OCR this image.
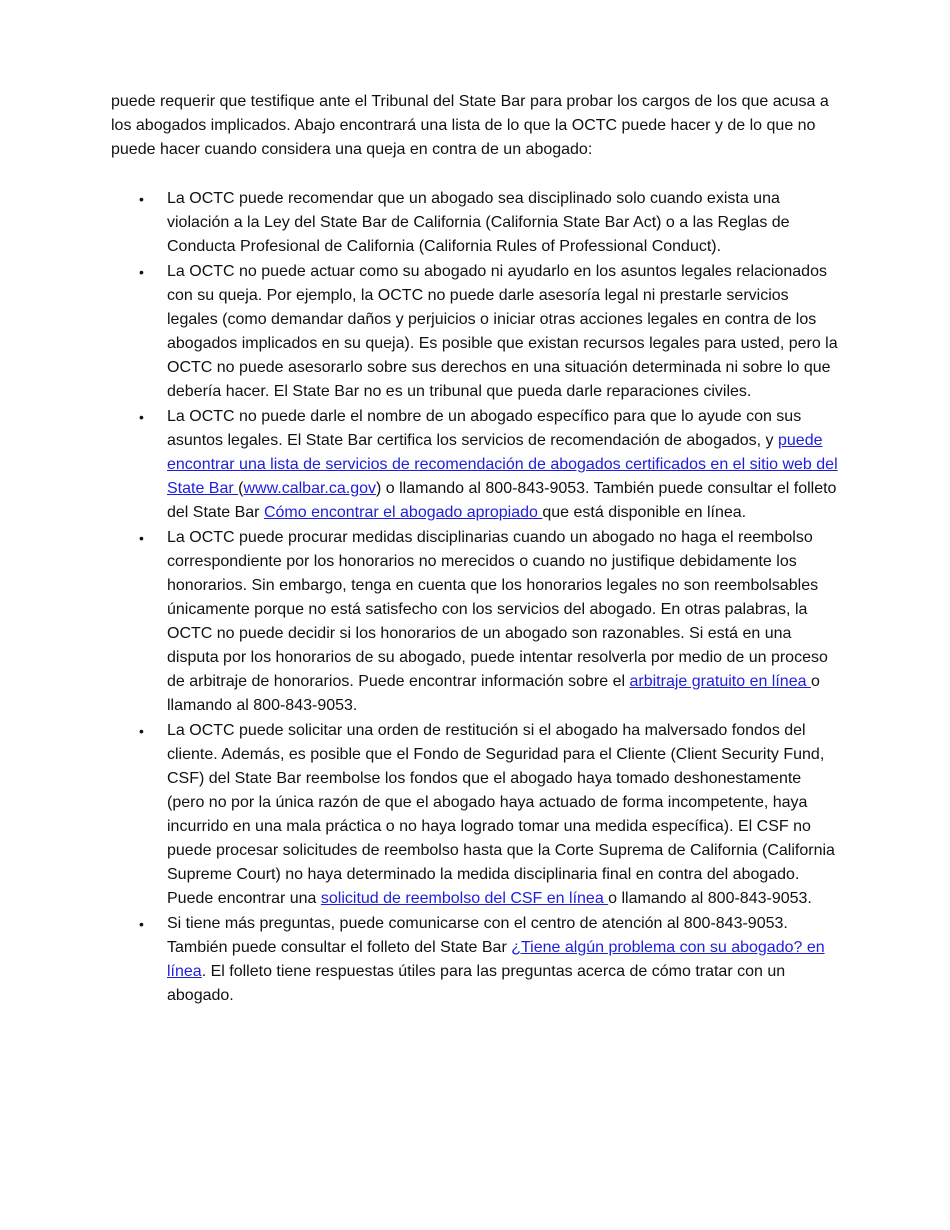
puede requerir que testifique ante el Tribunal del State Bar para probar los cargos de los que acusa a los abogados implicados. Abajo encontrará una lista de lo que la OCTC puede hacer y de lo que no puede hacer cuando considera una queja en contra de un abogado:

• La OCTC puede recomendar que un abogado sea disciplinado solo cuando exista una violación a la Ley del State Bar de California (California State Bar Act) o a las Reglas de Conducta Profesional de California (California Rules of Professional Conduct).
• La OCTC no puede actuar como su abogado ni ayudarlo en los asuntos legales relacionados con su queja. Por ejemplo, la OCTC no puede darle asesoría legal ni prestarle servicios legales (como demandar daños y perjuicios o iniciar otras acciones legales en contra de los abogados implicados en su queja). Es posible que existan recursos legales para usted, pero la OCTC no puede asesorarlo sobre sus derechos en una situación determinada ni sobre lo que debería hacer. El State Bar no es un tribunal que pueda darle reparaciones civiles.
• La OCTC no puede darle el nombre de un abogado específico para que lo ayude con sus asuntos legales. El State Bar certifica los servicios de recomendación de abogados, y puede encontrar una lista de servicios de recomendación de abogados certificados en el sitio web del State Bar (www.calbar.ca.gov) o llamando al 800-843-9053. También puede consultar el folleto del State Bar Cómo encontrar el abogado apropiado que está disponible en línea.
• La OCTC puede procurar medidas disciplinarias cuando un abogado no haga el reembolso correspondiente por los honorarios no merecidos o cuando no justifique debidamente los honorarios. Sin embargo, tenga en cuenta que los honorarios legales no son reembolsables únicamente porque no está satisfecho con los servicios del abogado. En otras palabras, la OCTC no puede decidir si los honorarios de un abogado son razonables. Si está en una disputa por los honorarios de su abogado, puede intentar resolverla por medio de un proceso de arbitraje de honorarios. Puede encontrar información sobre el arbitraje gratuito en línea o llamando al 800-843-9053.
• La OCTC puede solicitar una orden de restitución si el abogado ha malversado fondos del cliente. Además, es posible que el Fondo de Seguridad para el Cliente (Client Security Fund, CSF) del State Bar reembolse los fondos que el abogado haya tomado deshonestamente (pero no por la única razón de que el abogado haya actuado de forma incompetente, haya incurrido en una mala práctica o no haya logrado tomar una medida específica). El CSF no puede procesar solicitudes de reembolso hasta que la Corte Suprema de California (California Supreme Court) no haya determinado la medida disciplinaria final en contra del abogado. Puede encontrar una solicitud de reembolso del CSF en línea o llamando al 800-843-9053.
• Si tiene más preguntas, puede comunicarse con el centro de atención al 800-843-9053. También puede consultar el folleto del State Bar ¿Tiene algún problema con su abogado? en línea. El folleto tiene respuestas útiles para las preguntas acerca de cómo tratar con un abogado.
